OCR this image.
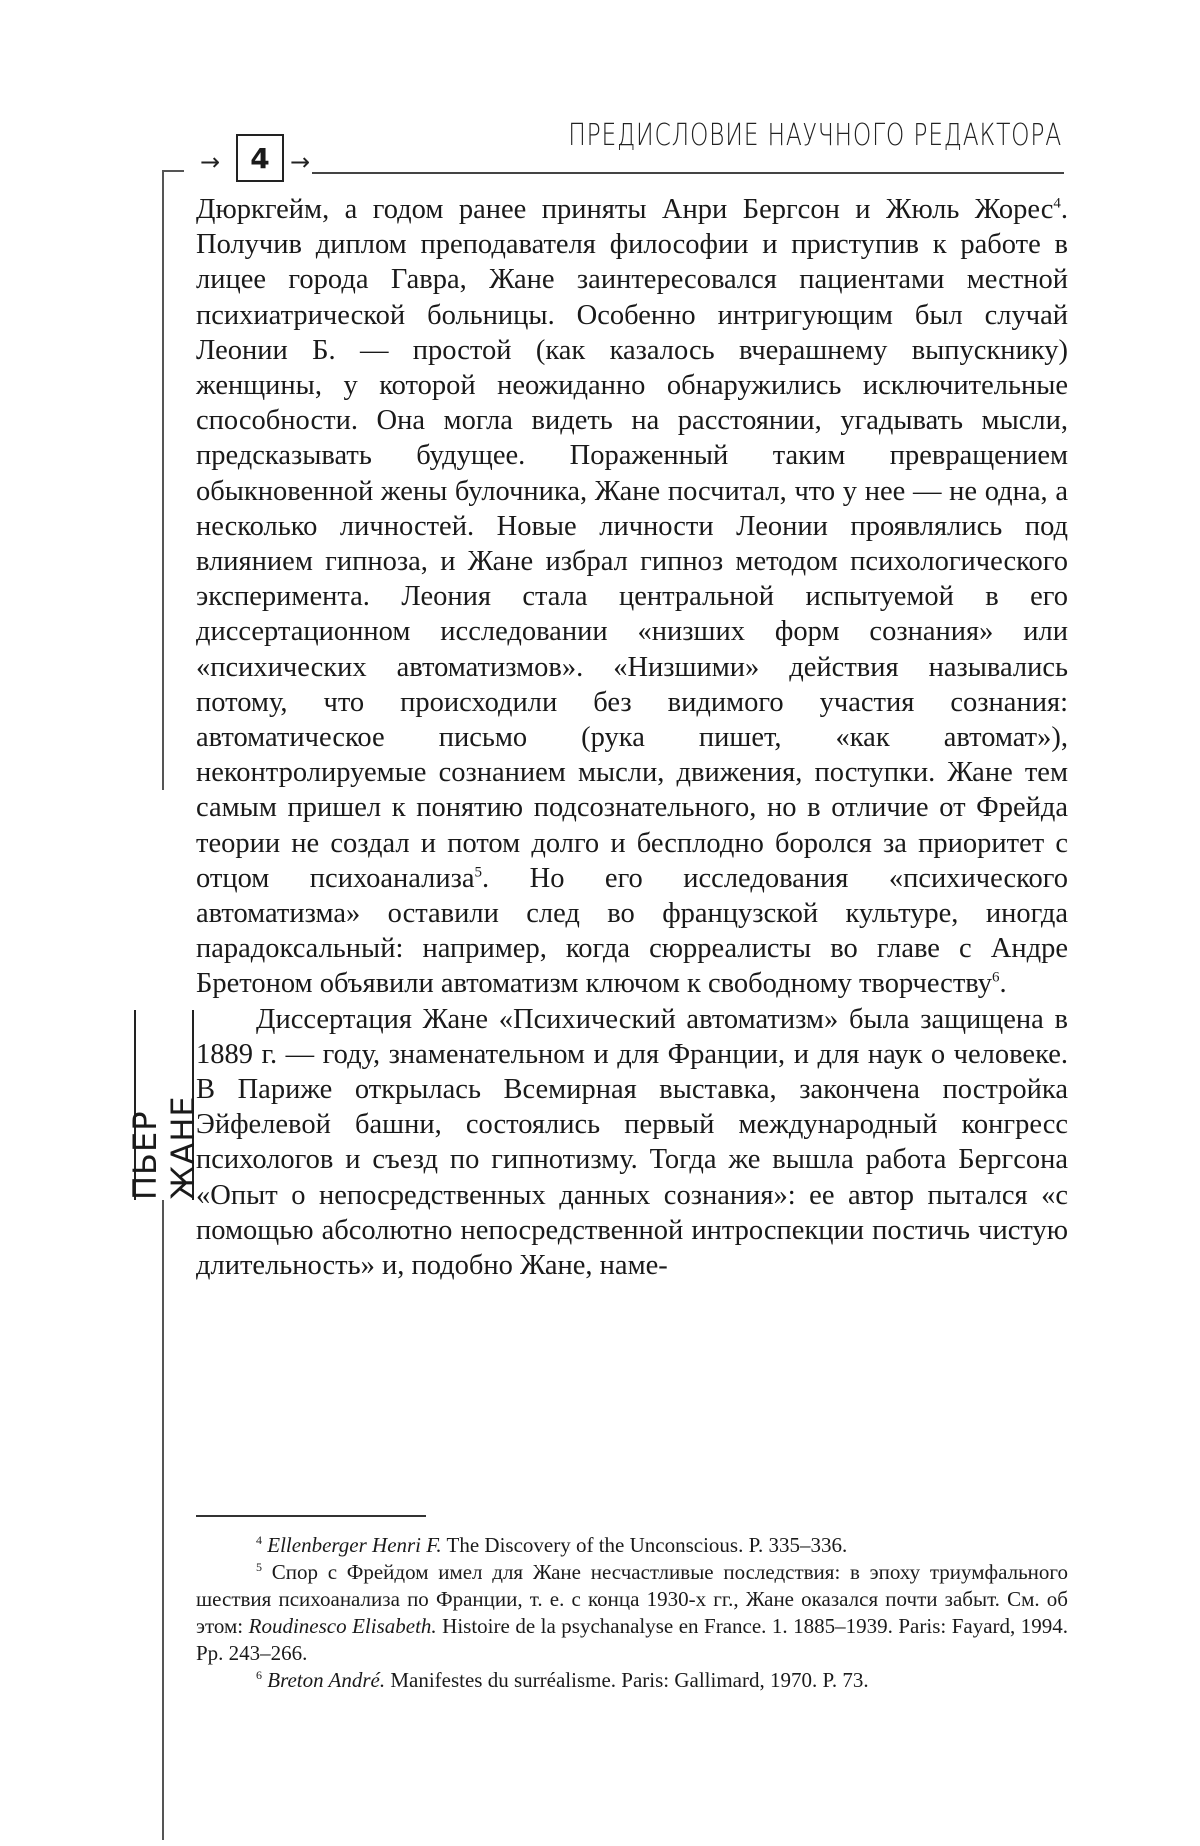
ПРЕДИСЛОВИЕ НАУЧНОГО РЕДАКТОРА
→	4 →
ПЬЕР ЖАНЕ

Дюркгейм, а годом ранее приняты Анри Бергсон и Жюль Жорес$^4$. Получив диплом преподавателя философии и приступив к работе в лицее города Гавра, Жане заинтересовался пациентами местной психиатрической больницы. Особенно интригующим был случай Леонии Б. — простой (как казалось вчерашнему выпускнику) женщины, у которой неожиданно обнаружились исключительные способности. Она могла видеть на расстоянии, угадывать мысли, предсказывать будущее. Пораженный таким превращением обыкновенной жены булочника, Жане посчитал, что у нее — не одна, а несколько личностей. Новые личности Леонии проявлялись под влиянием гипноза, и Жане избрал гипноз методом психологического эксперимента. Леония стала центральной испытуемой в его диссертационном исследовании «низших форм сознания» или «психических автоматизмов». «Низшими» действия назывались потому, что происходили без видимого участия сознания: автоматическое письмо (рука пишет, «как автомат»), неконтролируемые сознанием мысли, движения, поступки. Жане тем самым пришел к понятию подсознательного, но в отличие от Фрейда теории не создал и потом долго и бесплодно боролся за приоритет с отцом психоанализа$^5$. Но его исследования «психического автоматизма» оставили след во французской культуре, иногда парадоксальный: например, когда сюрреалисты во главе с Андре Бретоном объявили автоматизм ключом к свободному творчеству$^6$.

Диссертация Жане «Психический автоматизм» была защищена в 1889 г. — году, знаменательном и для Франции, и для наук о человеке. В Париже открылась Всемирная выставка, закончена постройка Эйфелевой башни, состоялись первый международный конгресс психологов и съезд по гипнотизму. Тогда же вышла работа Бергсона «Опыт о непосредственных данных сознания»: ее автор пытался «с помощью абсолютно непосредственной интроспекции постичь чистую длительность» и, подобно Жане, наме-

$^4$ Ellenberger Henri F. The Discovery of the Unconscious. P. 335–336.

$^5$ Спор с Фрейдом имел для Жане несчастливые последствия: в эпоху триумфального шествия психоанализа по Франции, т. е. с конца 1930-х гг., Жане оказался почти забыт. См. об этом: Roudinesco Elisabeth. Histoire de la psychanalyse en France. 1. 1885–1939. Paris: Fayard, 1994. Pp. 243–266.

$^6$ Breton André. Manifestes du surréalisme. Paris: Gallimard, 1970. P. 73.
